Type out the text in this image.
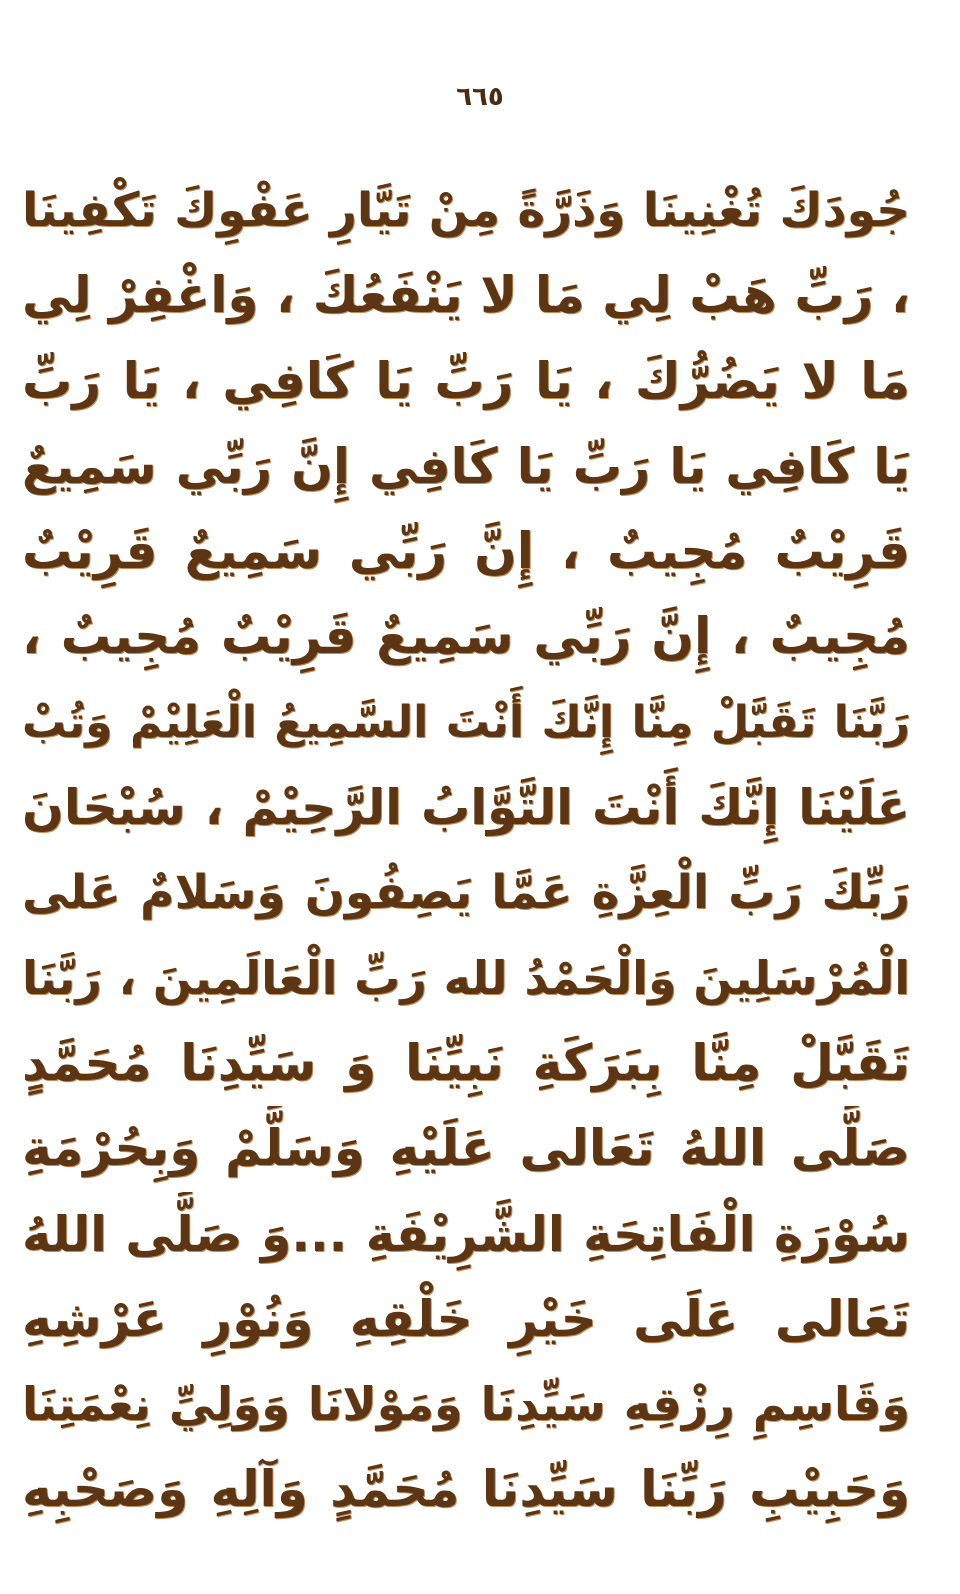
٦٦٥
جُودَكَ تُغْنِينَا وَذَرَّةً مِنْ تَيَّارِ عَفْوِكَ تَكْفِينَا
، رَبِّ هَبْ لِي مَا لا يَنْفَعُكَ ، وَاغْفِرْ لِي
مَا لا يَضُرُّكَ ، يَا رَبِّ يَا كَافِي ، يَا رَبِّ
يَا كَافِي يَا رَبِّ يَا كَافِي إِنَّ رَبِّي سَمِيعٌ
قَرِيْبٌ مُجِيبٌ ، إِنَّ رَبِّي سَمِيعٌ قَرِيْبٌ
مُجِيبٌ ، إِنَّ رَبِّي سَمِيعٌ قَرِيْبٌ مُجِيبٌ ،
رَبَّنَا تَقَبَّلْ مِنَّا إِنَّكَ أَنْتَ السَّمِيعُ الْعَلِيْمْ وَتُبْ
عَلَيْنَا إِنَّكَ أَنْتَ التَّوَّابُ الرَّحِيْمْ ، سُبْحَانَ
رَبِّكَ رَبِّ الْعِزَّةِ عَمَّا يَصِفُونَ وَسَلامٌ عَلى
الْمُرْسَلِينَ وَالْحَمْدُ لله رَبِّ الْعَالَمِينَ ، رَبَّنَا
تَقَبَّلْ مِنَّا بِبَرَكَةِ نَبِيِّنَا وَ سَيِّدِنَا مُحَمَّدٍ
صَلَّى اللهُ تَعَالى عَلَيْهِ وَسَلَّمْ وَبِحُرْمَةِ
سُوْرَةِ الْفَاتِحَةِ الشَّرِيْفَةِ ...وَ صَلَّى اللهُ
تَعَالى عَلَى خَيْرِ خَلْقِهِ وَنُوْرِ عَرْشِهِ
وَقَاسِمِ رِزْقِهِ سَيِّدِنَا وَمَوْلانَا وَوَلِيِّ نِعْمَتِنَا
وَحَبِيْبِ رَبِّنَا سَيِّدِنَا مُحَمَّدٍ وَآلِهِ وَصَحْبِهِ
